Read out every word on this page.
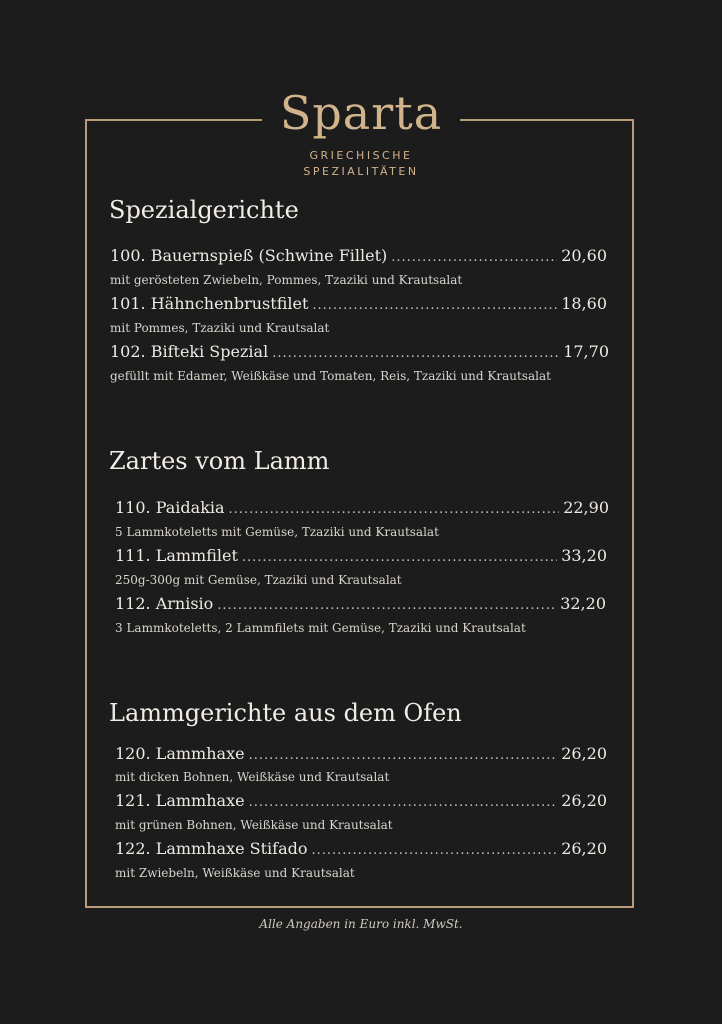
Sparta
GRIECHISCHE
SPEZIALITÄTEN
Spezialgerichte
100. Bauernspieß (Schwine Fillet) .....	20,60
mit gerösteten Zwiebeln, Pommes, Tzaziki und Krautsalat
101. Hähnchenbrustfilet .....	18,60
mit Pommes, Tzaziki und Krautsalat
102. Bifteki Spezial .....	17,70
gefüllt mit Edamer, Weißkäse und Tomaten, Reis, Tzaziki und Krautsalat
Zartes vom Lamm
110. Paidakia .....	22,90
5 Lammkoteletts mit Gemüse, Tzaziki und Krautsalat
111. Lammfilet .....	33,20
250g-300g mit Gemüse, Tzaziki und Krautsalat
112. Arnisio .....	32,20
3 Lammkoteletts, 2 Lammfilets mit Gemüse, Tzaziki und Krautsalat
Lammgerichte aus dem Ofen
120. Lammhaxe .....	26,20
mit dicken Bohnen, Weißkäse und Krautsalat
121. Lammhaxe .....	26,20
mit grünen Bohnen, Weißkäse und Krautsalat
122. Lammhaxe Stifado .....	26,20
mit Zwiebeln, Weißkäse und Krautsalat
Alle Angaben in Euro inkl. MwSt.
